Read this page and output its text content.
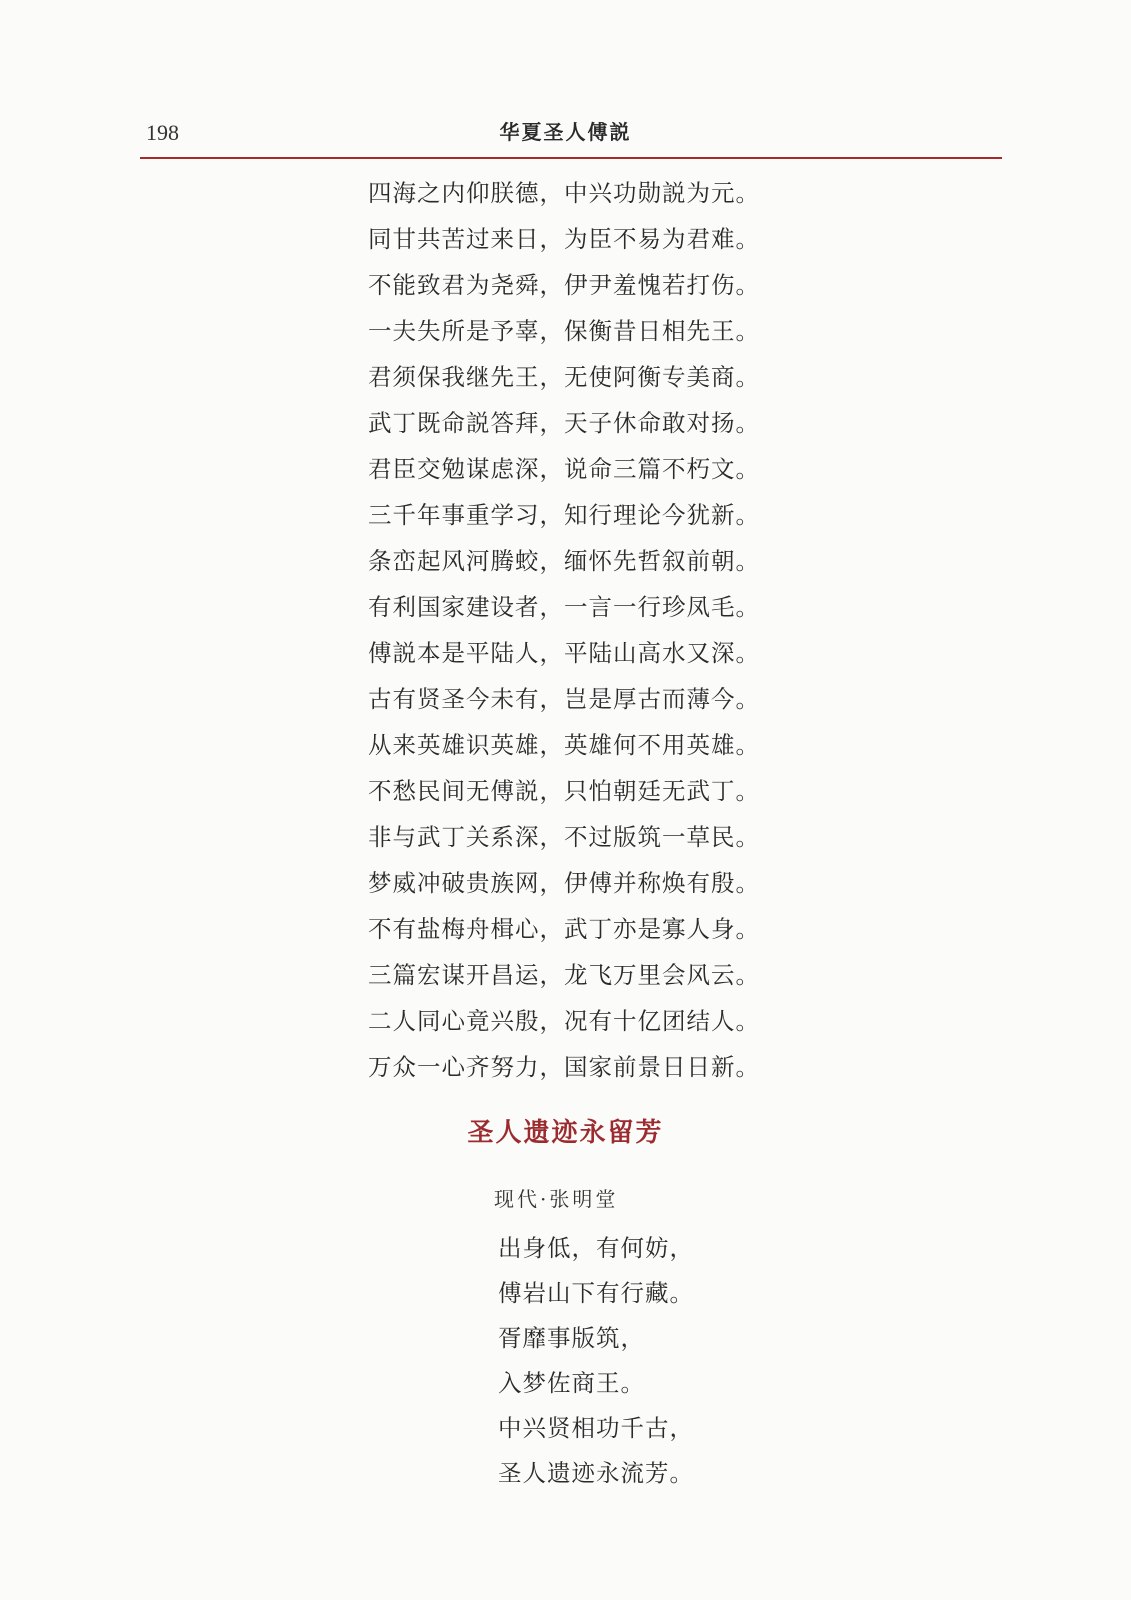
198	华夏圣人傅説
四海之内仰朕德，中兴功勋説为元。
同甘共苦过来日，为臣不易为君难。
不能致君为尧舜，伊尹羞愧若打伤。
一夫失所是予辜，保衡昔日相先王。
君须保我继先王，无使阿衡专美商。
武丁既命説答拜，天子休命敢对扬。
君臣交勉谋虑深，说命三篇不朽文。
三千年事重学习，知行理论今犹新。
条峦起风河腾蛟，缅怀先哲叙前朝。
有利国家建设者，一言一行珍凤毛。
傅説本是平陆人，平陆山高水又深。
古有贤圣今未有，岂是厚古而薄今。
从来英雄识英雄，英雄何不用英雄。
不愁民间无傅説，只怕朝廷无武丁。
非与武丁关系深，不过版筑一草民。
梦威冲破贵族网，伊傅并称焕有殷。
不有盐梅舟楫心，武丁亦是寡人身。
三篇宏谋开昌运，龙飞万里会风云。
二人同心竟兴殷，况有十亿团结人。
万众一心齐努力，国家前景日日新。
圣人遗迹永留芳
现代·张明堂
出身低，有何妨，
傅岩山下有行藏。
胥靡事版筑，
入梦佐商王。
中兴贤相功千古，
圣人遗迹永流芳。
